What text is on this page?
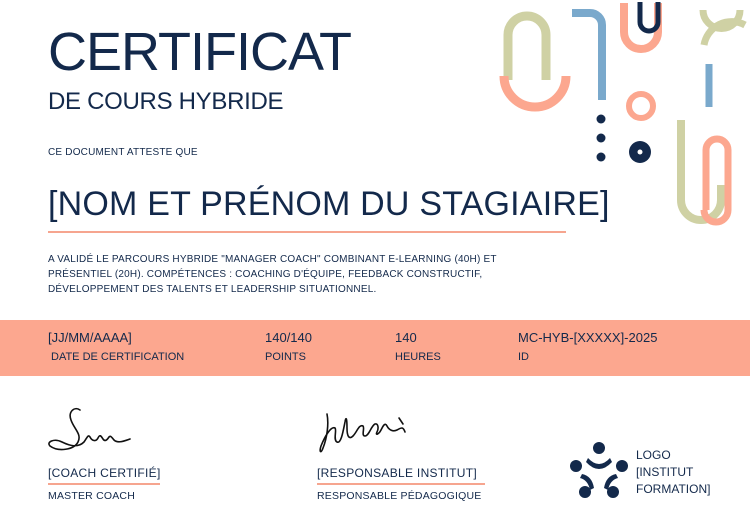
CERTIFICAT
DE COURS HYBRIDE
CE DOCUMENT ATTESTE QUE
[NOM ET PRÉNOM DU STAGIAIRE]
A VALIDÉ LE PARCOURS HYBRIDE "MANAGER COACH" COMBINANT E-LEARNING (40H) ET PRÉSENTIEL (20H). COMPÉTENCES : COACHING D'ÉQUIPE, FEEDBACK CONSTRUCTIF, DÉVELOPPEMENT DES TALENTS ET LEADERSHIP SITUATIONNEL.
[JJ/MM/AAAA]
DATE DE CERTIFICATION
140/140
POINTS
140
HEURES
MC-HYB-[XXXXX]-2025
ID
[COACH CERTIFIÉ]
MASTER COACH
[RESPONSABLE INSTITUT]
RESPONSABLE PÉDAGOGIQUE
LOGO
[INSTITUT
FORMATION]
